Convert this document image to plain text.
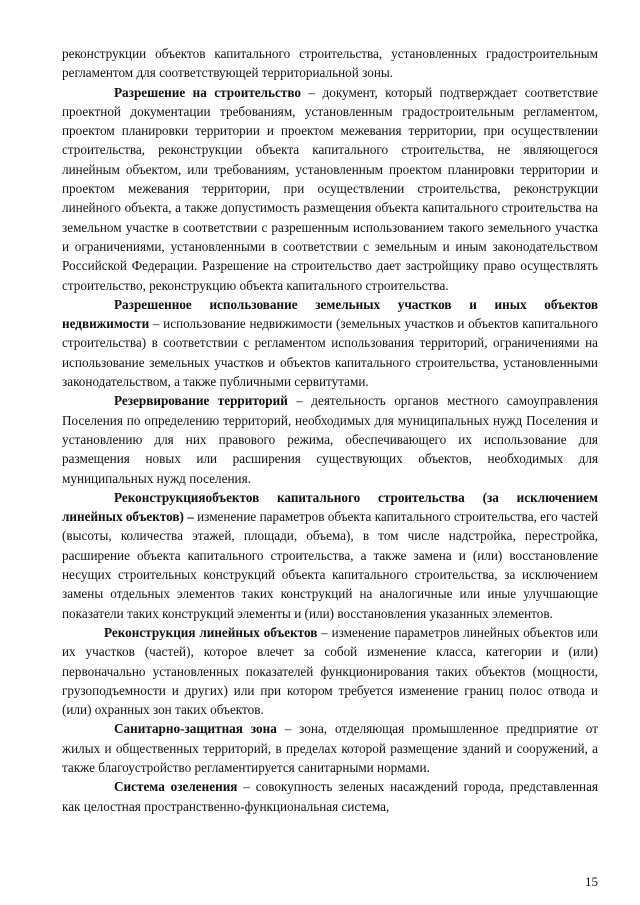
реконструкции объектов капитального строительства, установленных градостроительным регламентом для соответствующей территориальной зоны.

Разрешение на строительство – документ, который подтверждает соответствие проектной документации требованиям, установленным градостроительным регламентом, проектом планировки территории и проектом межевания территории, при осуществлении строительства, реконструкции объекта капитального строительства, не являющегося линейным объектом, или требованиям, установленным проектом планировки территории и проектом межевания территории, при осуществлении строительства, реконструкции линейного объекта, а также допустимость размещения объекта капитального строительства на земельном участке в соответствии с разрешенным использованием такого земельного участка и ограничениями, установленными в соответствии с земельным и иным законодательством Российской Федерации. Разрешение на строительство дает застройщику право осуществлять строительство, реконструкцию объекта капитального строительства.

Разрешенное использование земельных участков и иных объектов недвижимости – использование недвижимости (земельных участков и объектов капитального строительства) в соответствии с регламентом использования территорий, ограничениями на использование земельных участков и объектов капитального строительства, установленными законодательством, а также публичными сервитутами.

Резервирование территорий – деятельность органов местного самоуправления Поселения по определению территорий, необходимых для муниципальных нужд Поселения и установлению для них правового режима, обеспечивающего их использование для размещения новых или расширения существующих объектов, необходимых для муниципальных нужд поселения.

Реконструкцияобъектов капитального строительства (за исключением линейных объектов) – изменение параметров объекта капитального строительства, его частей (высоты, количества этажей, площади, объема), в том числе надстройка, перестройка, расширение объекта капитального строительства, а также замена и (или) восстановление несущих строительных конструкций объекта капитального строительства, за исключением замены отдельных элементов таких конструкций на аналогичные или иные улучшающие показатели таких конструкций элементы и (или) восстановления указанных элементов.

Реконструкция линейных объектов – изменение параметров линейных объектов или их участков (частей), которое влечет за собой изменение класса, категории и (или) первоначально установленных показателей функционирования таких объектов (мощности, грузоподъемности и других) или при котором требуется изменение границ полос отвода и (или) охранных зон таких объектов.

Санитарно-защитная зона – зона, отделяющая промышленное предприятие от жилых и общественных территорий, в пределах которой размещение зданий и сооружений, а также благоустройство регламентируется санитарными нормами.

Система озеленения – совокупность зеленых насаждений города, представленная как целостная пространственно-функциональная система,

15
